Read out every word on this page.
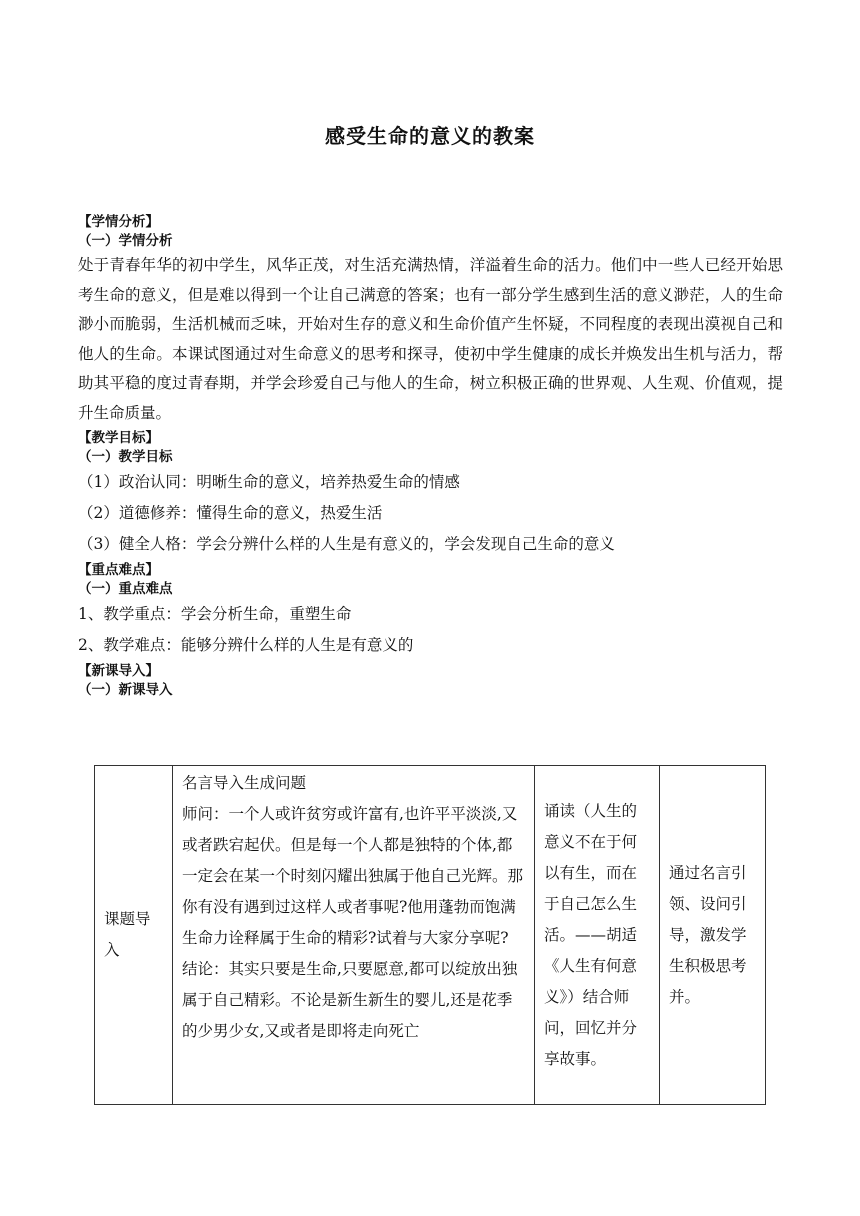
感受生命的意义的教案

【学情分析】

（一）学情分析

处于青春年华的初中学生，风华正茂，对生活充满热情，洋溢着生命的活力。他们中一些人已经开始思考生命的意义，但是难以得到一个让自己满意的答案；也有一部分学生感到生活的意义渺茫，人的生命渺小而脆弱，生活机械而乏味，开始对生存的意义和生命价值产生怀疑，不同程度的表现出漠视自己和他人的生命。本课试图通过对生命意义的思考和探寻，使初中学生健康的成长并焕发出生机与活力，帮助其平稳的度过青春期，并学会珍爱自己与他人的生命，树立积极正确的世界观、人生观、价值观，提升生命质量。

【教学目标】

（一）教学目标

（1）政治认同：明晰生命的意义，培养热爱生命的情感

（2）道德修养：懂得生命的意义，热爱生活

（3）健全人格：学会分辨什么样的人生是有意义的，学会发现自己生命的意义

【重点难点】

（一）重点难点

1、教学重点：学会分析生命，重塑生命

2、教学难点：能够分辨什么样的人生是有意义的

【新课导入】

（一）新课导入

课题导入	名言导入生成问题
师问：一个人或许贫穷或许富有,也许平平淡淡,又或者跌宕起伏。但是每一个人都是独特的个体,都一定会在某一个时刻闪耀出独属于他自己光辉。那你有没有遇到过这样人或者事呢?他用蓬勃而饱满生命力诠释属于生命的精彩?试着与大家分享呢?
结论：其实只要是生命,只要愿意,都可以绽放出独属于自己精彩。不论是新生新生的婴儿,还是花季的少男少女,又或者是即将走向死亡	诵读（人生的意义不在于何以有生，而在于自己怎么生活。——胡适《人生有何意义》）结合师问，回忆并分享故事。	通过名言引领、设问引导，激发学生积极思考并。
